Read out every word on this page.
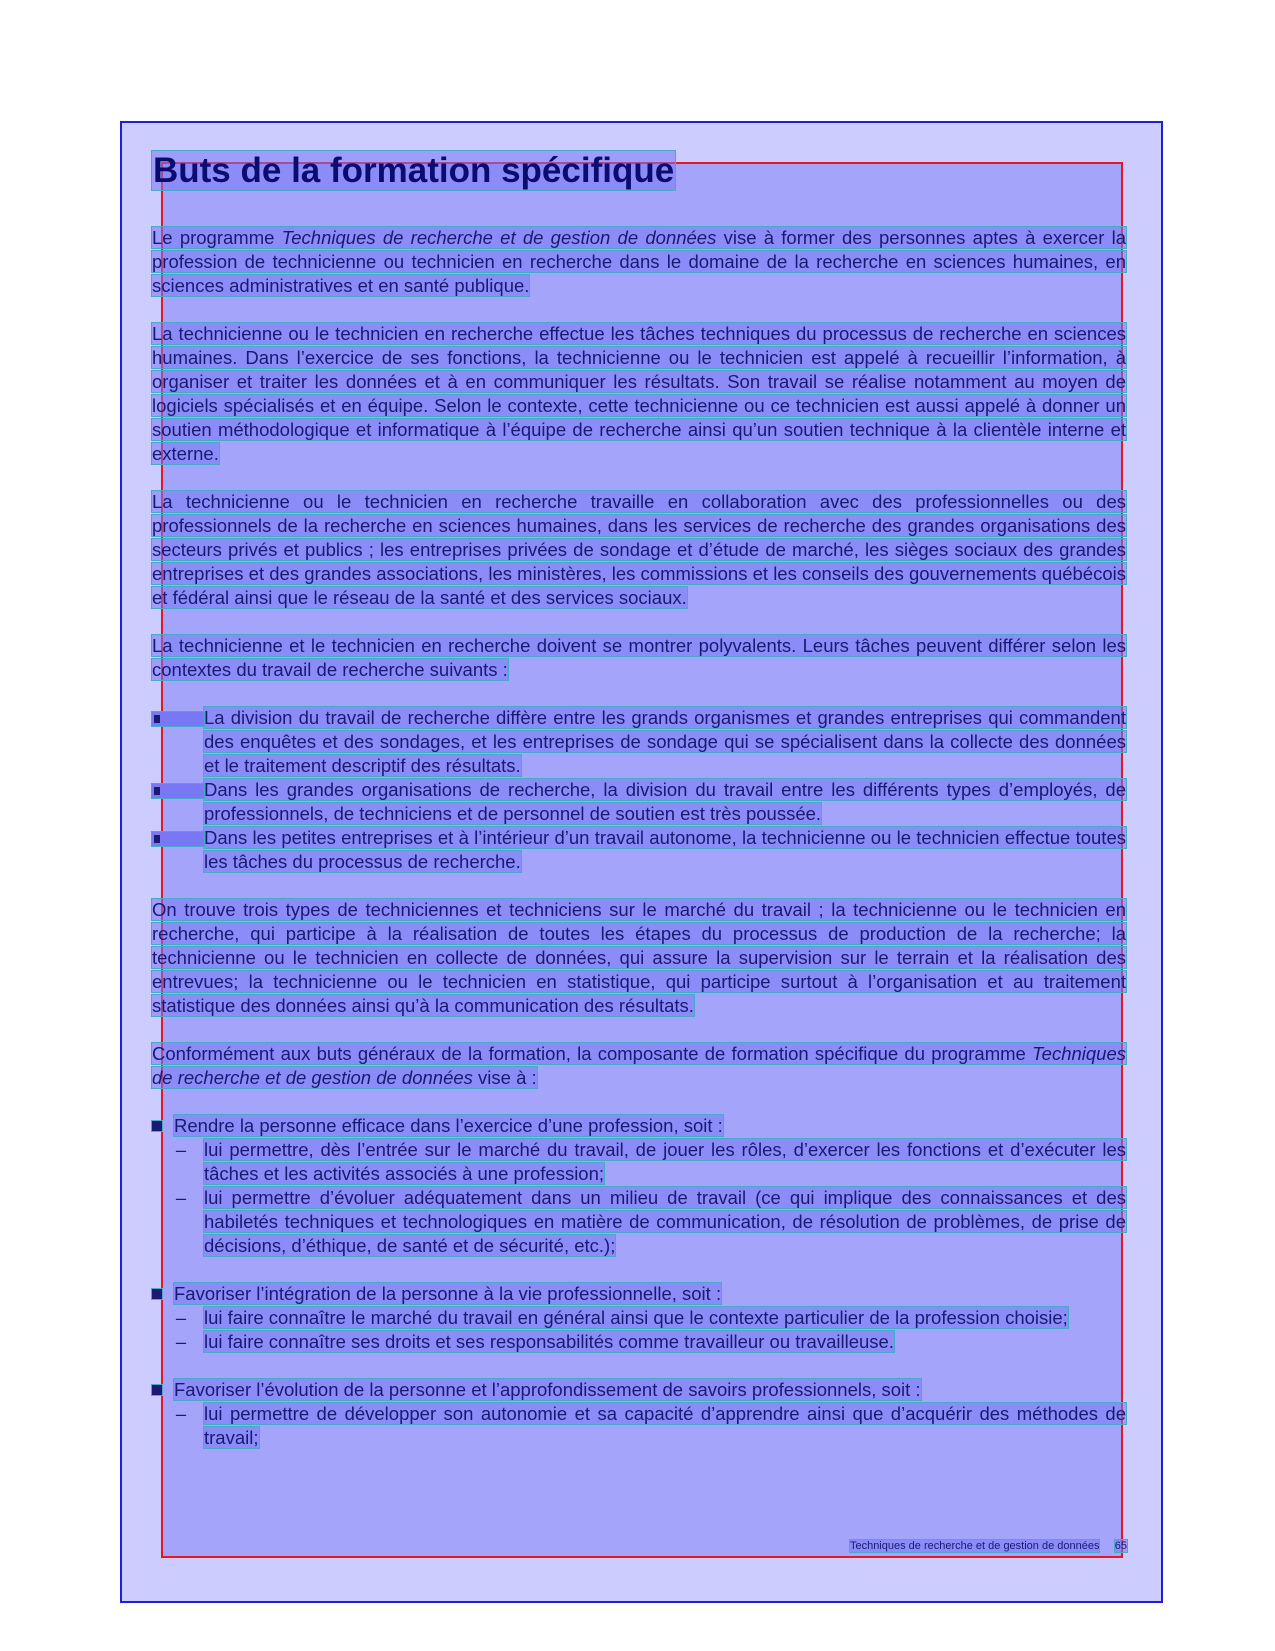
Buts de la formation spécifique

Le programme Techniques de recherche et de gestion de données vise à former des personnes aptes à exercer la profession de technicienne ou technicien en recherche dans le domaine de la recherche en sciences humaines, en sciences administratives et en santé publique.

La technicienne ou le technicien en recherche effectue les tâches techniques du processus de recherche en sciences humaines. Dans l’exercice de ses fonctions, la technicienne ou le technicien est appelé à recueillir l’information, à organiser et traiter les données et à en communiquer les résultats. Son travail se réalise notamment au moyen de logiciels spécialisés et en équipe. Selon le contexte, cette technicienne ou ce technicien est aussi appelé à donner un soutien méthodologique et informatique à l’équipe de recherche ainsi qu’un soutien technique à la clientèle interne et externe.

La technicienne ou le technicien en recherche travaille en collaboration avec des professionnelles ou des professionnels de la recherche en sciences humaines, dans les services de recherche des grandes organisations des secteurs privés et publics ; les entreprises privées de sondage et d’étude de marché, les sièges sociaux des grandes entreprises et des grandes associations, les ministères, les commissions et les conseils des gouvernements québécois et fédéral ainsi que le réseau de la santé et des services sociaux.

La technicienne et le technicien en recherche doivent se montrer polyvalents. Leurs tâches peuvent différer selon les contextes du travail de recherche suivants :

La division du travail de recherche diffère entre les grands organismes et grandes entreprises qui commandent des enquêtes et des sondages, et les entreprises de sondage qui se spécialisent dans la collecte des données et le traitement descriptif des résultats.
Dans les grandes organisations de recherche, la division du travail entre les différents types d’employés, de professionnels, de techniciens et de personnel de soutien est très poussée.
Dans les petites entreprises et à l’intérieur d’un travail autonome, la technicienne ou le technicien effectue toutes les tâches du processus de recherche.

On trouve trois types de techniciennes et techniciens sur le marché du travail ; la technicienne ou le technicien en recherche, qui participe à la réalisation de toutes les étapes du processus de production de la recherche; la technicienne ou le technicien en collecte de données, qui assure la supervision sur le terrain et la réalisation des entrevues; la technicienne ou le technicien en statistique, qui participe surtout à l’organisation et au traitement statistique des données ainsi qu’à la communication des résultats.

Conformément aux buts généraux de la formation, la composante de formation spécifique du programme Techniques de recherche et de gestion de données vise à :

Rendre la personne efficace dans l’exercice d’une profession, soit :
– lui permettre, dès l’entrée sur le marché du travail, de jouer les rôles, d’exercer les fonctions et d’exécuter les tâches et les activités associés à une profession;
– lui permettre d’évoluer adéquatement dans un milieu de travail (ce qui implique des connaissances et des habiletés techniques et technologiques en matière de communication, de résolution de problèmes, de prise de décisions, d’éthique, de santé et de sécurité, etc.);
Favoriser l’intégration de la personne à la vie professionnelle, soit :
– lui faire connaître le marché du travail en général ainsi que le contexte particulier de la profession choisie;
– lui faire connaître ses droits et ses responsabilités comme travailleur ou travailleuse.
Favoriser l’évolution de la personne et l’approfondissement de savoirs professionnels, soit :
– lui permettre de développer son autonomie et sa capacité d’apprendre ainsi que d’acquérir des méthodes de travail;
Techniques de recherche et de gestion de données 65
